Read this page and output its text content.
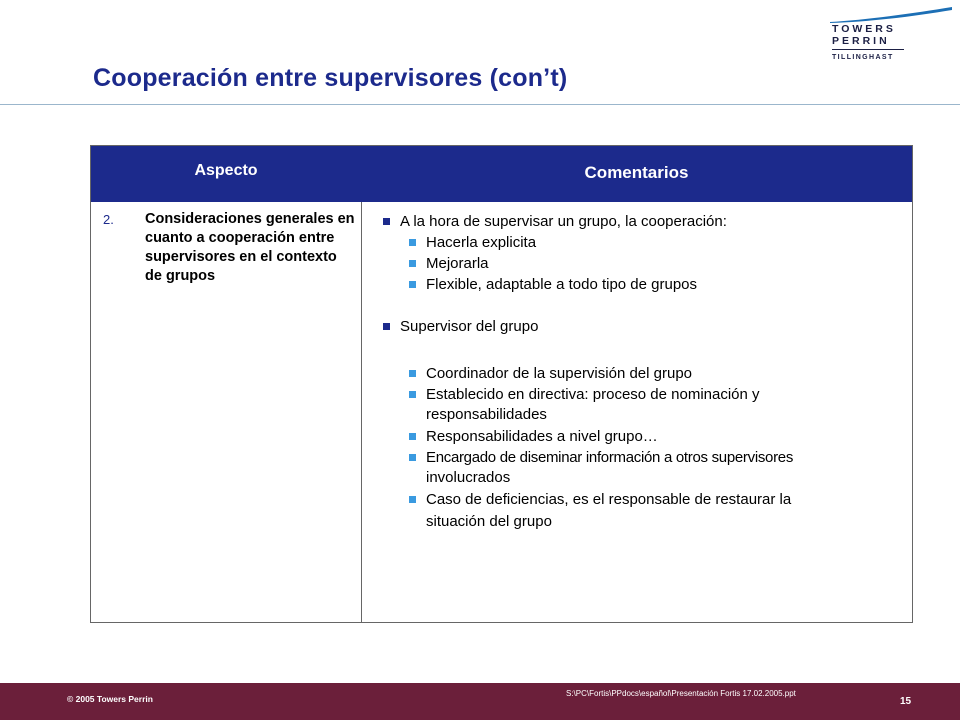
TOWERS
PERRIN
TILLINGHAST
Cooperación entre supervisores (con’t)
Aspecto	Comentarios
2. Consideraciones generales en cuanto a cooperación entre supervisores en el contexto de grupos
A la hora de supervisar un grupo, la cooperación:
Hacerla explicita
Mejorarla
Flexible, adaptable a todo tipo de grupos
Supervisor del grupo
Coordinador de la supervisión del grupo
Establecido en directiva: proceso de nominación y
responsabilidades
Responsabilidades a nivel grupo…
Encargado de diseminar información a otros supervisores
involucrados
Caso de deficiencias, es el responsable de restaurar la
situación del grupo
© 2005 Towers Perrin
S:\PC\Fortis\PPdocs\español\Presentación Fortis 17.02.2005.ppt
15
